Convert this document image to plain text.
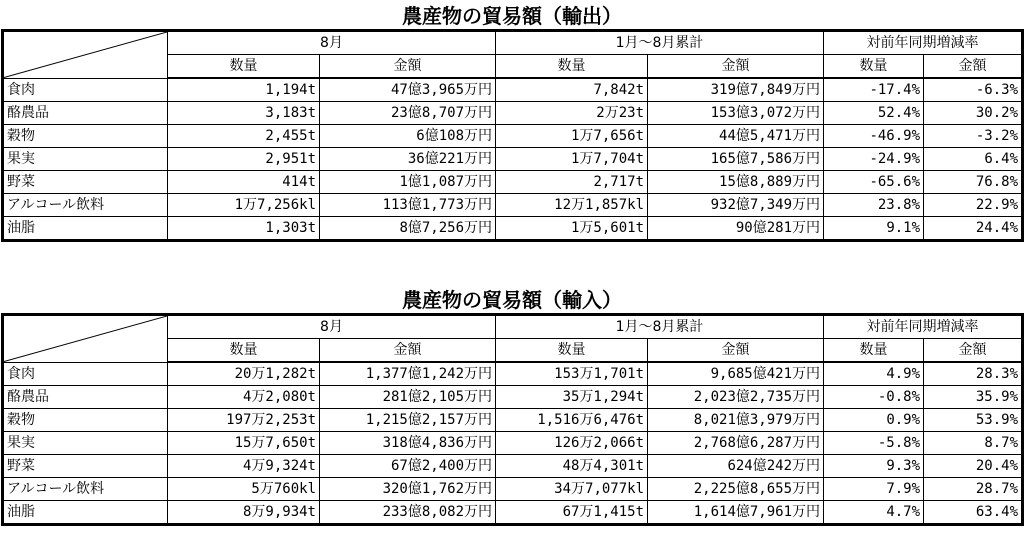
農産物の貿易額（輸出）
	8月		1月～8月累計		対前年同期増減率	
	数量	金額	数量	金額	数量	金額
食肉	1,194t	47億3,965万円	7,842t	319億7,849万円	-17.4%	-6.3%
酪農品	3,183t	23億8,707万円	2万23t	153億3,072万円	52.4%	30.2%
穀物	2,455t	6億108万円	1万7,656t	44億5,471万円	-46.9%	-3.2%
果実	2,951t	36億221万円	1万7,704t	165億7,586万円	-24.9%	6.4%
野菜	414t	1億1,087万円	2,717t	15億8,889万円	-65.6%	76.8%
アルコール飲料	1万7,256kl	113億1,773万円	12万1,857kl	932億7,349万円	23.8%	22.9%
油脂	1,303t	8億7,256万円	1万5,601t	90億281万円	9.1%	24.4%
農産物の貿易額（輸入）
	8月		1月～8月累計		対前年同期増減率	
	数量	金額	数量	金額	数量	金額
食肉	20万1,282t	1,377億1,242万円	153万1,701t	9,685億421万円	4.9%	28.3%
酪農品	4万2,080t	281億2,105万円	35万1,294t	2,023億2,735万円	-0.8%	35.9%
穀物	197万2,253t	1,215億2,157万円	1,516万6,476t	8,021億3,979万円	0.9%	53.9%
果実	15万7,650t	318億4,836万円	126万2,066t	2,768億6,287万円	-5.8%	8.7%
野菜	4万9,324t	67億2,400万円	48万4,301t	624億242万円	9.3%	20.4%
アルコール飲料	5万760kl	320億1,762万円	34万7,077kl	2,225億8,655万円	7.9%	28.7%
油脂	8万9,934t	233億8,082万円	67万1,415t	1,614億7,961万円	4.7%	63.4%
